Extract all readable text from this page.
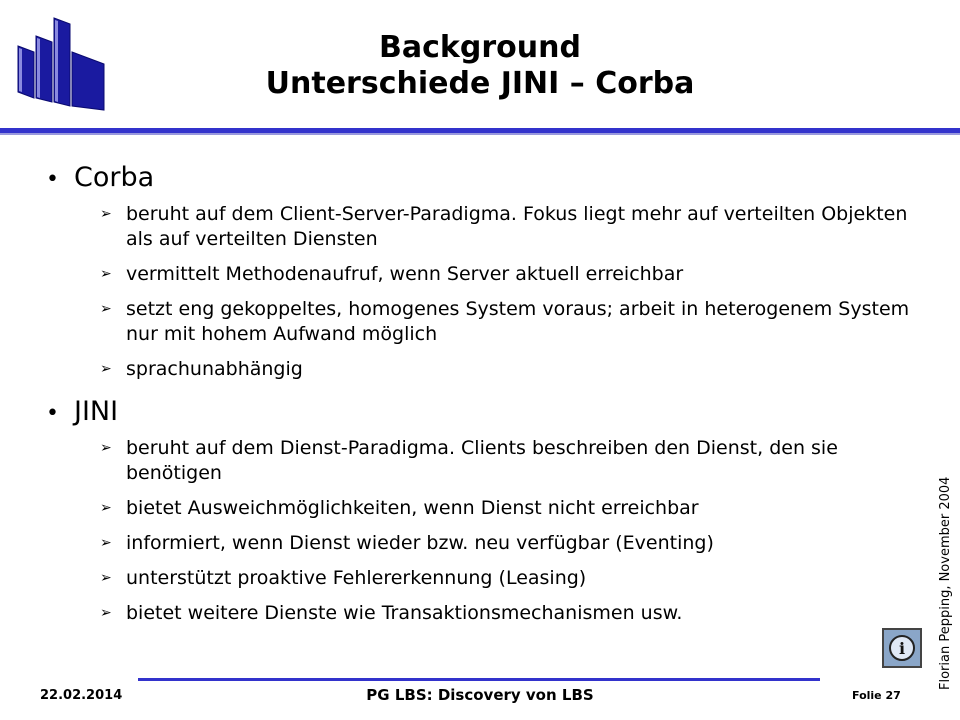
Background
Unterschiede JINI – Corba
• Corba
➢ beruht auf dem Client-Server-Paradigma. Fokus liegt mehr auf verteilten Objekten als auf verteilten Diensten
➢ vermittelt Methodenaufruf, wenn Server aktuell erreichbar
➢ setzt eng gekoppeltes, homogenes System voraus; arbeit in heterogenem System nur mit hohem Aufwand möglich
➢ sprachunabhängig
• JINI
➢ beruht auf dem Dienst-Paradigma. Clients beschreiben den Dienst, den sie benötigen
➢ bietet Ausweichmöglichkeiten, wenn Dienst nicht erreichbar
➢ informiert, wenn Dienst wieder bzw. neu verfügbar (Eventing)
➢ unterstützt proaktive Fehlererkennung (Leasing)
➢ bietet weitere Dienste wie Transaktionsmechanismen usw.	Florian Pepping, November 2004
i
22.02.2014	PG LBS: Discovery von LBS	Folie 27
